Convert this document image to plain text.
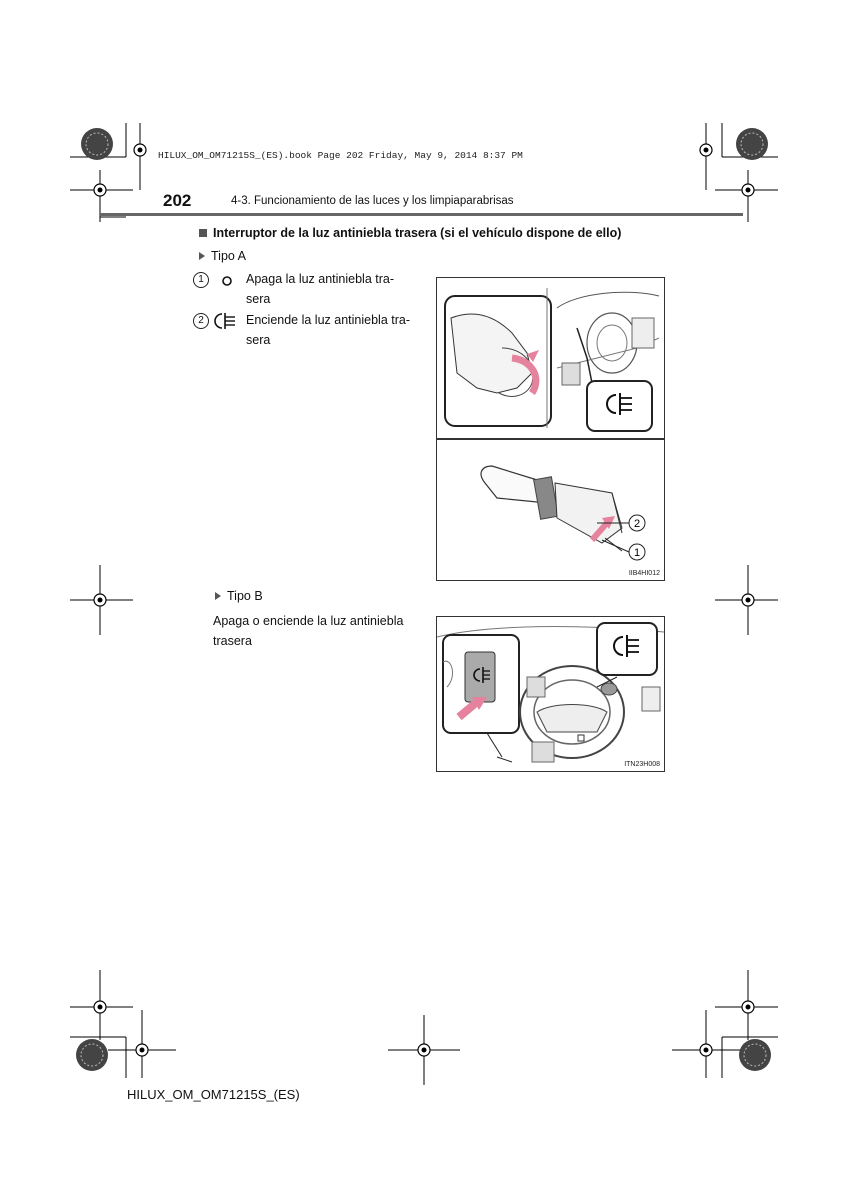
HILUX_OM_OM71215S_(ES).book Page 202 Friday, May 9, 2014 8:37 PM
202	4-3. Funcionamiento de las luces y los limpiaparabrisas
Interruptor de la luz antiniebla trasera (si el vehículo dispone de ello)
Tipo A
1	Apaga la luz antiniebla tra-
sera
2	Enciende la luz antiniebla tra-
sera
2
1
IIB4HI012
Tipo B
Apaga o enciende la luz antiniebla
trasera
ITN23H008
HILUX_OM_OM71215S_(ES)
